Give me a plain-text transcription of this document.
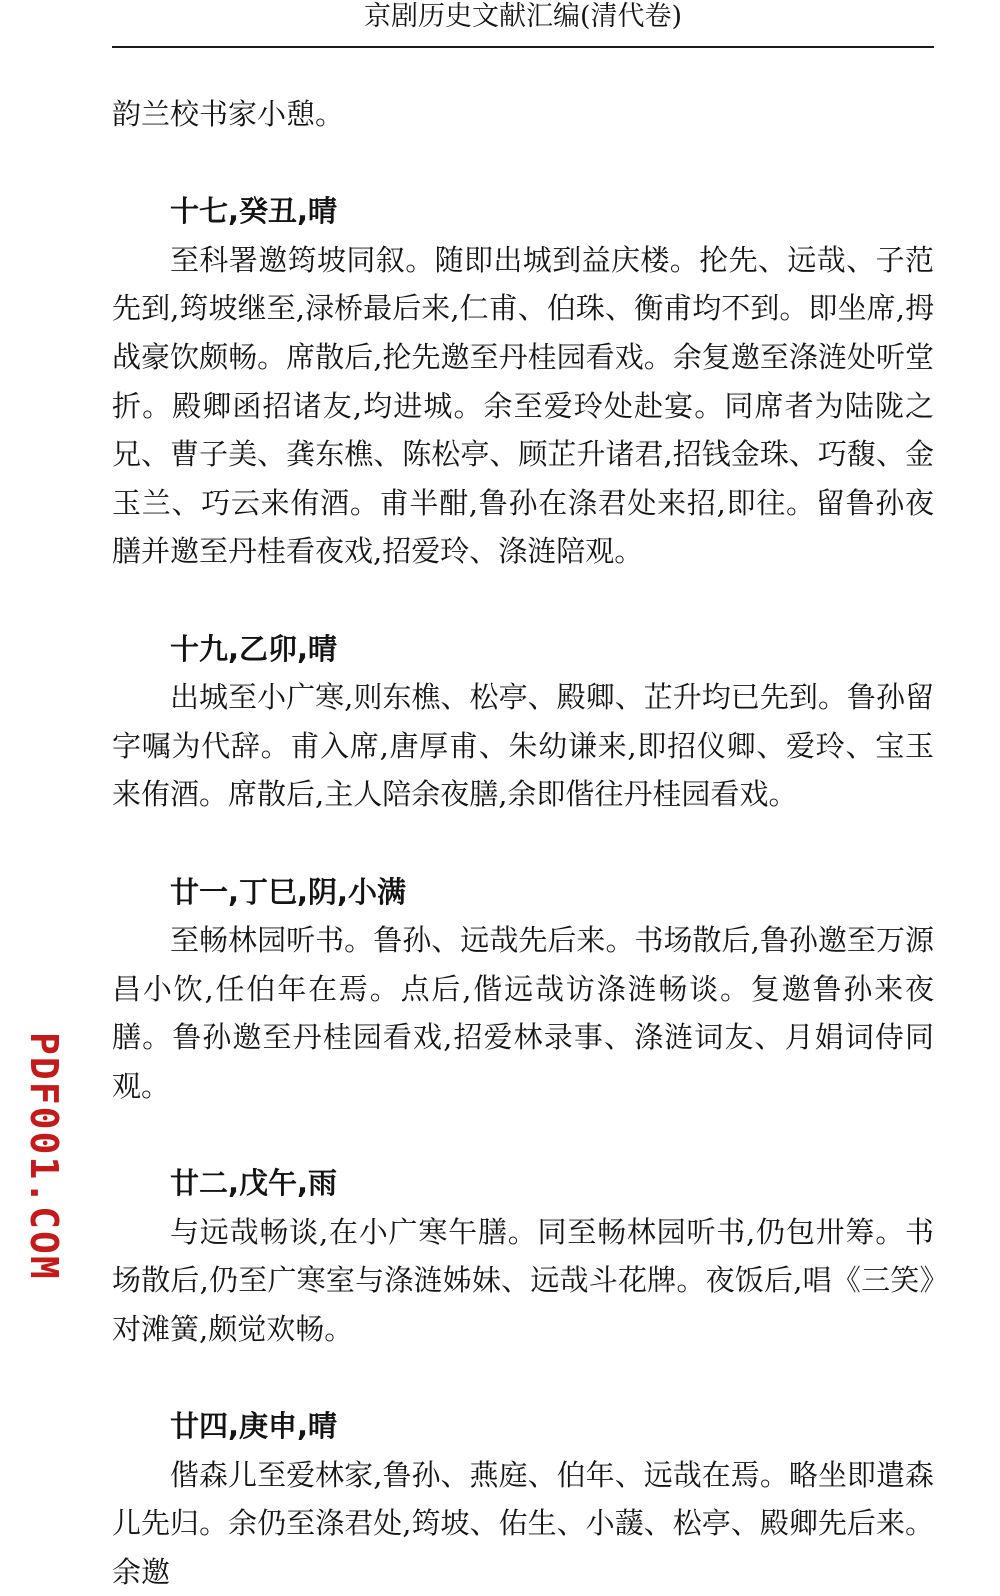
京剧历史文献汇编(清代卷)

韵兰校书家小憩。

十七,癸丑,晴

至科署邀筠坡同叙。随即出城到益庆楼。抡先、远哉、子范先到,筠坡继至,渌桥最后来,仁甫、伯珠、衡甫均不到。即坐席,拇战豪饮颇畅。席散后,抡先邀至丹桂园看戏。余复邀至涤涟处听堂折。殿卿函招诸友,均进城。余至爱玲处赴宴。同席者为陆陇之兄、曹子美、龚东樵、陈松亭、顾芷升诸君,招钱金珠、巧馥、金玉兰、巧云来侑酒。甫半酣,鲁孙在涤君处来招,即往。留鲁孙夜膳并邀至丹桂看夜戏,招爱玲、涤涟陪观。

十九,乙卯,晴

出城至小广寒,则东樵、松亭、殿卿、芷升均已先到。鲁孙留字嘱为代辞。甫入席,唐厚甫、朱幼谦来,即招仪卿、爱玲、宝玉来侑酒。席散后,主人陪余夜膳,余即偕往丹桂园看戏。

廿一,丁巳,阴,小满

至畅林园听书。鲁孙、远哉先后来。书场散后,鲁孙邀至万源昌小饮,任伯年在焉。点后,偕远哉访涤涟畅谈。复邀鲁孙来夜膳。鲁孙邀至丹桂园看戏,招爱林录事、涤涟词友、月娟词侍同观。

廿二,戊午,雨

与远哉畅谈,在小广寒午膳。同至畅林园听书,仍包卅筹。书场散后,仍至广寒室与涤涟姊妹、远哉斗花牌。夜饭后,唱《三笑》对滩簧,颇觉欢畅。

廿四,庚申,晴

偕森儿至爱林家,鲁孙、燕庭、伯年、远哉在焉。略坐即遣森儿先归。余仍至涤君处,筠坡、佑生、小蘐、松亭、殿卿先后来。余邀

PDF001.COM
